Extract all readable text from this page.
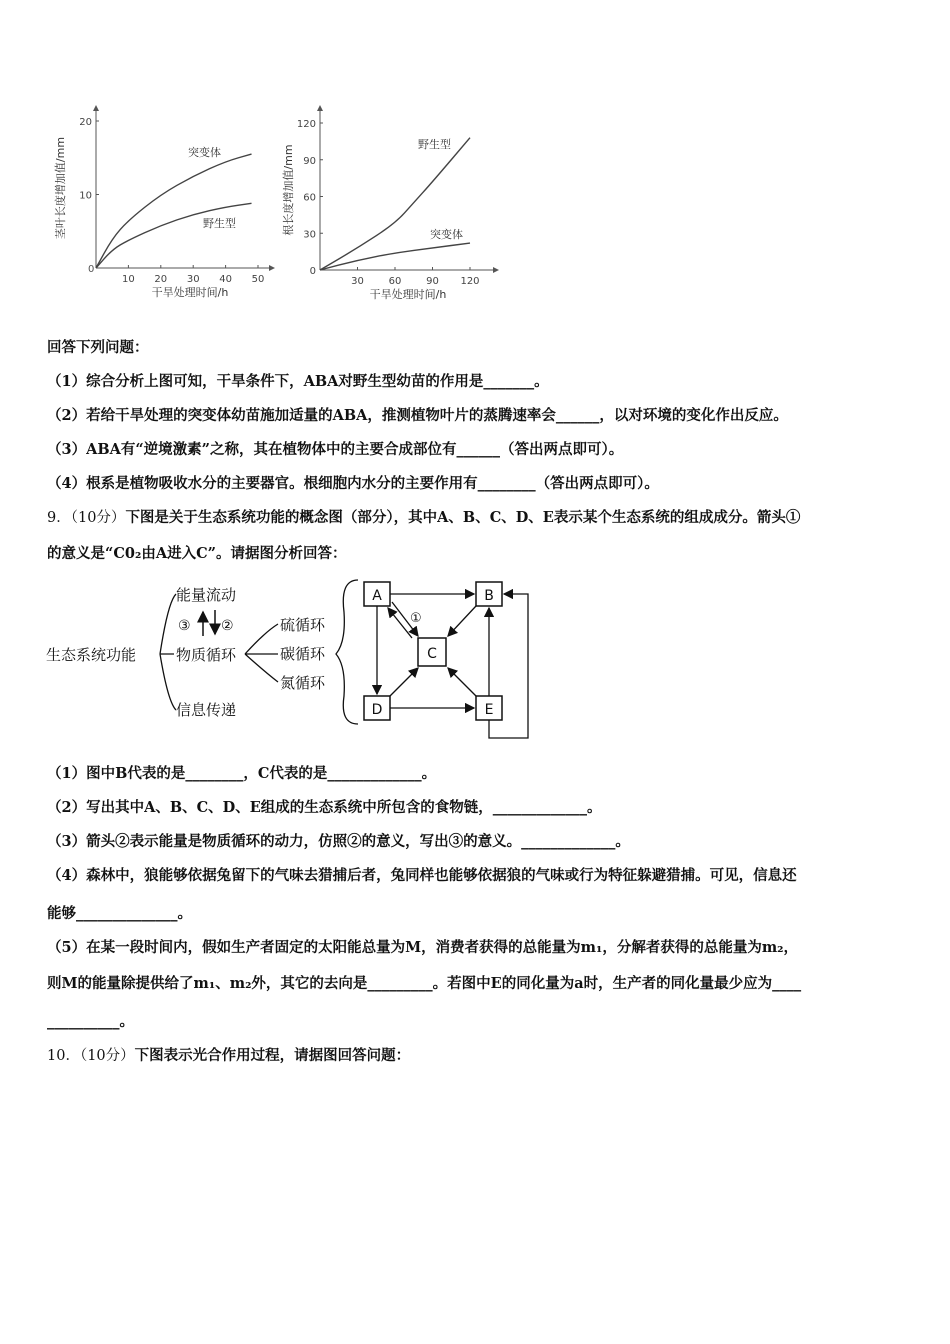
10 20 30 40 50
10
20
茎叶长度增加值/mm
干旱处理时间/h
0
突变体
野生型
30 60 90 120
0
30
60
90
120
根长度增加值/mm
干旱处理时间/h
野生型
突变体
回答下列问题：
（1）综合分析上图可知，干旱条件下，ABA对野生型幼苗的作用是_______。
（2）若给干旱处理的突变体幼苗施加适量的ABA，推测植物叶片的蒸腾速率会______，以对环境的变化作出反应。
（3）ABA有“逆境激素”之称，其在植物体中的主要合成部位有______（答出两点即可）。
（4）根系是植物吸收水分的主要器官。根细胞内水分的主要作用有________（答出两点即可）。
9．（10分）下图是关于生态系统功能的概念图（部分），其中A、B、C、D、E表示某个生态系统的组成成分。箭头①
的意义是“C0₂由A进入C”。请据图分析回答：
生态系统功能
能量流动
物质循环
信息传递
③ ②	硫循环
碳循环
氮循环
A	B
C
D	E
①
（1）图中B代表的是________，C代表的是_____________。
（2）写出其中A、B、C、D、E组成的生态系统中所包含的食物链，_____________。
（3）箭头②表示能量是物质循环的动力，仿照②的意义，写出③的意义。_____________。
（4）森林中，狼能够依据兔留下的气味去猎捕后者，兔同样也能够依据狼的气味或行为特征躲避猎捕。可见，信息还
能够______________。
（5）在某一段时间内，假如生产者固定的太阳能总量为M，消费者获得的总能量为m₁，分解者获得的总能量为m₂，
则M的能量除提供给了m₁、m₂外，其它的去向是_________。若图中E的同化量为a时，生产者的同化量最少应为____
__________。
10．（10分）下图表示光合作用过程，请据图回答问题：
